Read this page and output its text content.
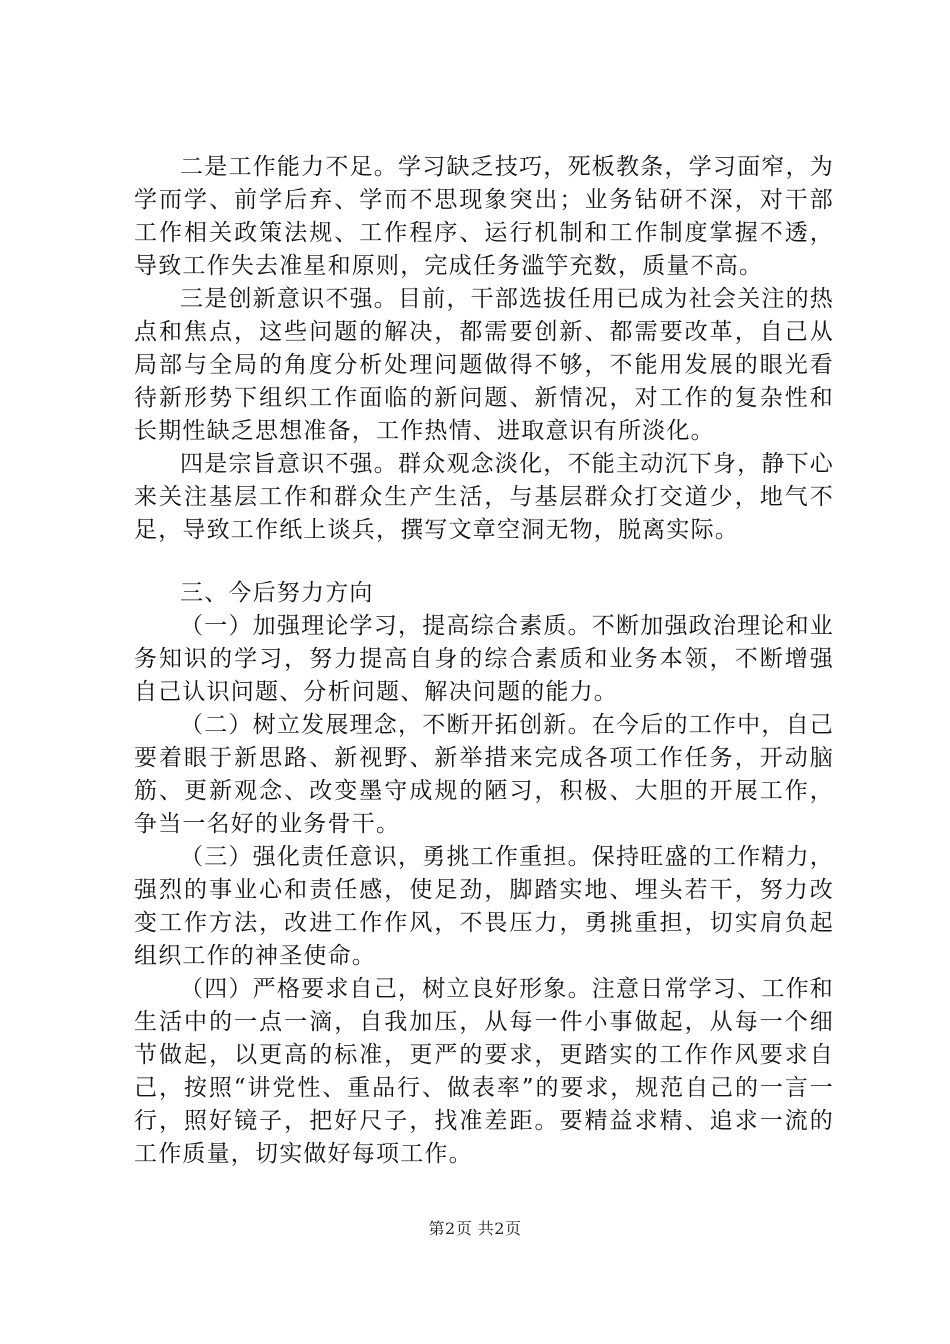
二是工作能力不足。学习缺乏技巧，死板教条，学习面窄，为学而学、前学后弃、学而不思现象突出；业务钻研不深，对干部工作相关政策法规、工作程序、运行机制和工作制度掌握不透，导致工作失去准星和原则，完成任务滥竽充数，质量不高。

三是创新意识不强。目前，干部选拔任用已成为社会关注的热点和焦点，这些问题的解决，都需要创新、都需要改革，自己从局部与全局的角度分析处理问题做得不够，不能用发展的眼光看待新形势下组织工作面临的新问题、新情况，对工作的复杂性和长期性缺乏思想准备，工作热情、进取意识有所淡化。

四是宗旨意识不强。群众观念淡化，不能主动沉下身，静下心来关注基层工作和群众生产生活，与基层群众打交道少，地气不足，导致工作纸上谈兵，撰写文章空洞无物，脱离实际。

三、今后努力方向

（一）加强理论学习，提高综合素质。不断加强政治理论和业务知识的学习，努力提高自身的综合素质和业务本领，不断增强自己认识问题、分析问题、解决问题的能力。

（二）树立发展理念，不断开拓创新。在今后的工作中，自己要着眼于新思路、新视野、新举措来完成各项工作任务，开动脑筋、更新观念、改变墨守成规的陋习，积极、大胆的开展工作，争当一名好的业务骨干。

（三）强化责任意识，勇挑工作重担。保持旺盛的工作精力，强烈的事业心和责任感，使足劲，脚踏实地、埋头若干，努力改变工作方法，改进工作作风，不畏压力，勇挑重担，切实肩负起组织工作的神圣使命。

（四）严格要求自己，树立良好形象。注意日常学习、工作和生活中的一点一滴，自我加压，从每一件小事做起，从每一个细节做起，以更高的标准，更严的要求，更踏实的工作作风要求自己，按照“讲党性、重品行、做表率”的要求，规范自己的一言一行，照好镜子，把好尺子，找准差距。要精益求精、追求一流的工作质量，切实做好每项工作。

第2页 共2页
